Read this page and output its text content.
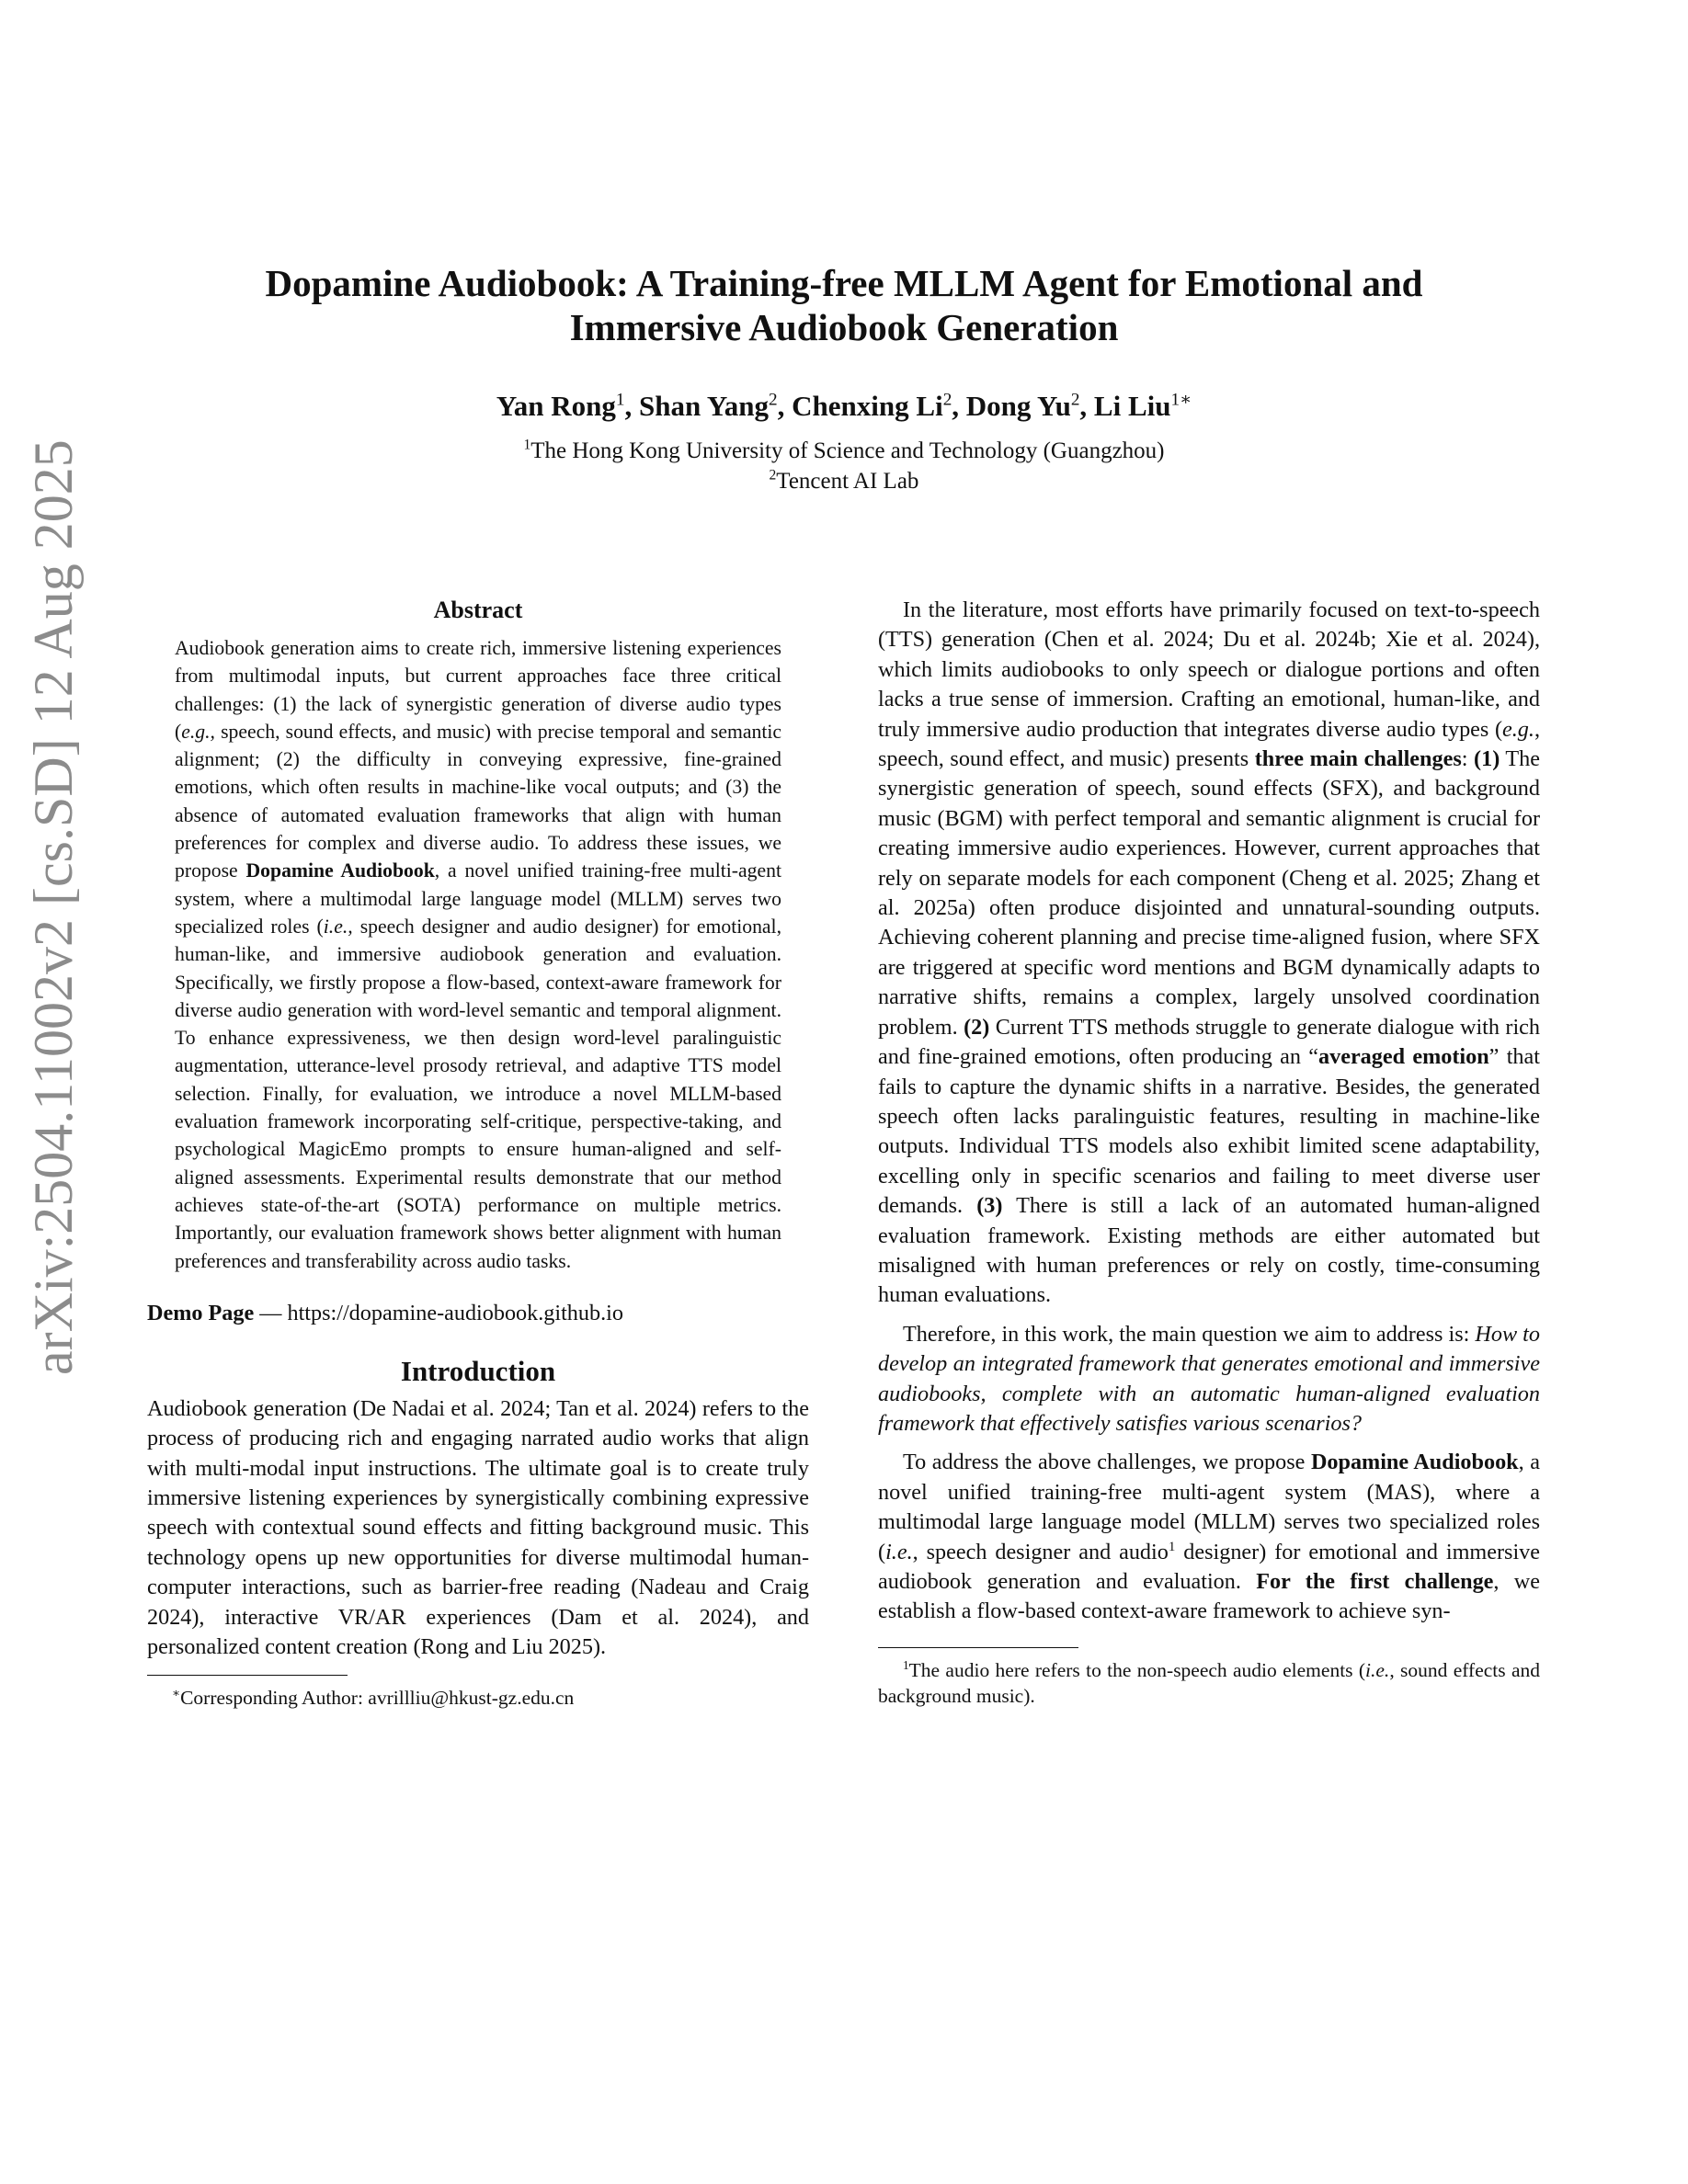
arXiv:2504.11002v2 [cs.SD] 12 Aug 2025
Dopamine Audiobook: A Training-free MLLM Agent for Emotional and
Immersive Audiobook Generation
Yan Rong$^1$, Shan Yang$^2$, Chenxing Li$^2$, Dong Yu$^2$, Li Liu$^{1∗}$
$^1$The Hong Kong University of Science and Technology (Guangzhou)
$^2$Tencent AI Lab
Abstract

Audiobook generation aims to create rich, immersive listening experiences from multimodal inputs, but current approaches face three critical challenges: (1) the lack of synergistic generation of diverse audio types (e.g., speech, sound effects, and music) with precise temporal and semantic alignment; (2) the difficulty in conveying expressive, fine-grained emotions, which often results in machine-like vocal outputs; and (3) the absence of automated evaluation frameworks that align with human preferences for complex and diverse audio. To address these issues, we propose Dopamine Audiobook, a novel unified training-free multi-agent system, where a multimodal large language model (MLLM) serves two specialized roles (i.e., speech designer and audio designer) for emotional, human-like, and immersive audiobook generation and evaluation. Specifically, we firstly propose a flow-based, context-aware framework for diverse audio generation with word-level semantic and temporal alignment. To enhance expressiveness, we then design word-level paralinguistic augmentation, utterance-level prosody retrieval, and adaptive TTS model selection. Finally, for evaluation, we introduce a novel MLLM-based evaluation framework incorporating self-critique, perspective-taking, and psychological MagicEmo prompts to ensure human-aligned and self-aligned assessments. Experimental results demonstrate that our method achieves state-of-the-art (SOTA) performance on multiple metrics. Importantly, our evaluation framework shows better alignment with human preferences and transferability across audio tasks.

Demo Page — https://dopamine-audiobook.github.io
Introduction

Audiobook generation (De Nadai et al. 2024; Tan et al. 2024) refers to the process of producing rich and engaging narrated audio works that align with multi-modal input instructions. The ultimate goal is to create truly immersive listening experiences by synergistically combining expressive speech with contextual sound effects and fitting background music. This technology opens up new opportunities for diverse multimodal human-computer interactions, such as barrier-free reading (Nadeau and Craig 2024), interactive VR/AR experiences (Dam et al. 2024), and personalized content creation (Rong and Liu 2025).

∗Corresponding Author: avrillliu@hkust-gz.edu.cn

In the literature, most efforts have primarily focused on text-to-speech (TTS) generation (Chen et al. 2024; Du et al. 2024b; Xie et al. 2024), which limits audiobooks to only speech or dialogue portions and often lacks a true sense of immersion. Crafting an emotional, human-like, and truly immersive audio production that integrates diverse audio types (e.g., speech, sound effect, and music) presents three main challenges: (1) The synergistic generation of speech, sound effects (SFX), and background music (BGM) with perfect temporal and semantic alignment is crucial for creating immersive audio experiences. However, current approaches that rely on separate models for each component (Cheng et al. 2025; Zhang et al. 2025a) often produce disjointed and unnatural-sounding outputs. Achieving coherent planning and precise time-aligned fusion, where SFX are triggered at specific word mentions and BGM dynamically adapts to narrative shifts, remains a complex, largely unsolved coordination problem. (2) Current TTS methods struggle to generate dialogue with rich and fine-grained emotions, often producing an “averaged emotion” that fails to capture the dynamic shifts in a narrative. Besides, the generated speech often lacks paralinguistic features, resulting in machine-like outputs. Individual TTS models also exhibit limited scene adaptability, excelling only in specific scenarios and failing to meet diverse user demands. (3) There is still a lack of an automated human-aligned evaluation framework. Existing methods are either automated but misaligned with human preferences or rely on costly, time-consuming human evaluations.

Therefore, in this work, the main question we aim to address is: How to develop an integrated framework that generates emotional and immersive audiobooks, complete with an automatic human-aligned evaluation framework that effectively satisfies various scenarios?

To address the above challenges, we propose Dopamine Audiobook, a novel unified training-free multi-agent system (MAS), where a multimodal large language model (MLLM) serves two specialized roles (i.e., speech designer and audio$^1$ designer) for emotional and immersive audiobook generation and evaluation. For the first challenge, we establish a flow-based context-aware framework to achieve syn-

$^1$The audio here refers to the non-speech audio elements (i.e., sound effects and background music).
